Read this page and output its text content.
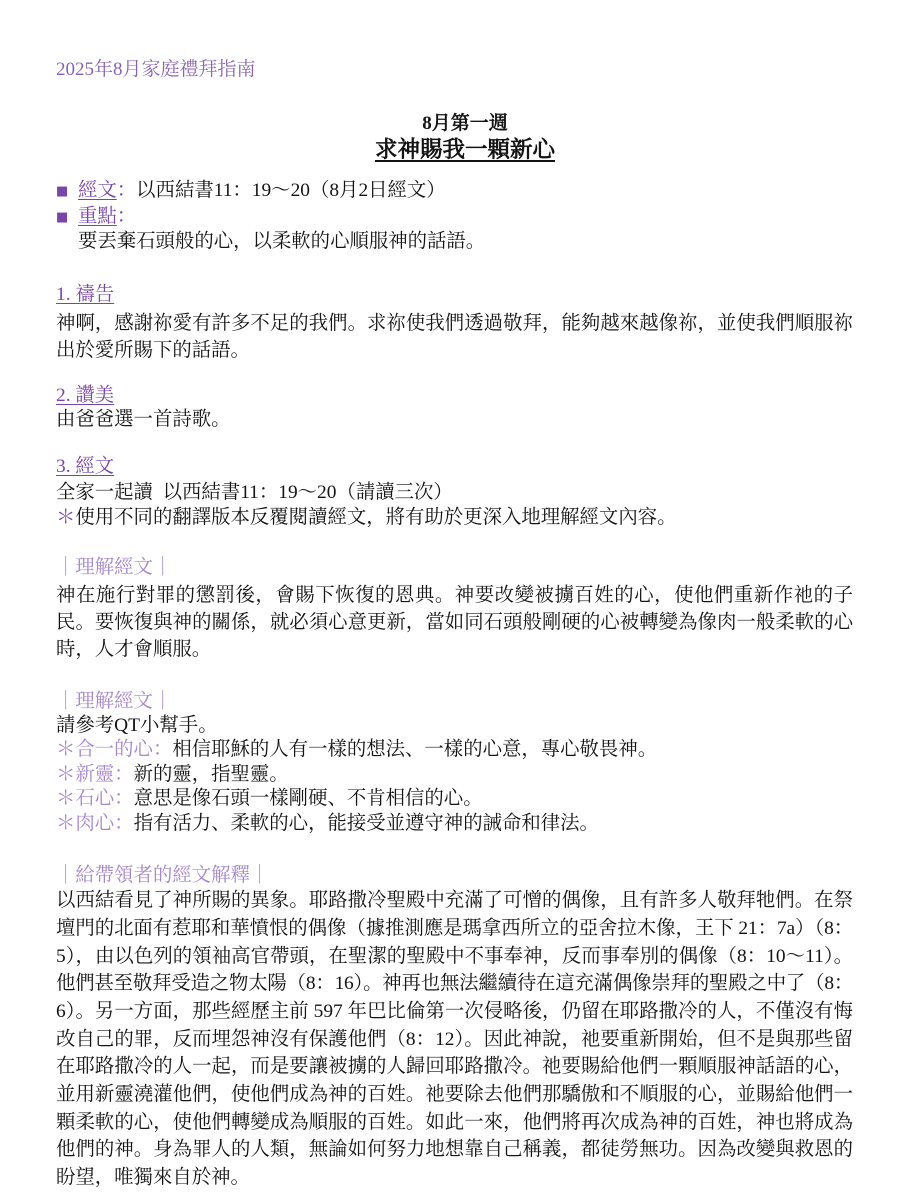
2025年8月家庭禮拜指南
8月第一週
求神賜我一顆新心
■ 經文：以西結書11：19～20（8月2日經文）
■ 重點：
要丟棄石頭般的心，以柔軟的心順服神的話語。
1. 禱告
神啊，感謝祢愛有許多不足的我們。求祢使我們透過敬拜，能夠越來越像祢，並使我們順服祢
出於愛所賜下的話語。
2. 讚美
由爸爸選一首詩歌。
3. 經文
全家一起讀  以西結書11：19～20（請讀三次）
＊使用不同的翻譯版本反覆閱讀經文，將有助於更深入地理解經文內容。
｜理解經文｜
神在施行對罪的懲罰後，會賜下恢復的恩典。神要改變被擄百姓的心，使他們重新作祂的子
民。要恢復與神的關係，就必須心意更新，當如同石頭般剛硬的心被轉變為像肉一般柔軟的心
時，人才會順服。
｜理解經文｜
請參考QT小幫手。
＊合一的心：相信耶穌的人有一樣的想法、一樣的心意，專心敬畏神。
＊新靈：新的靈，指聖靈。
＊石心：意思是像石頭一樣剛硬、不肯相信的心。
＊肉心：指有活力、柔軟的心，能接受並遵守神的誡命和律法。
｜給帶領者的經文解釋｜
以西結看見了神所賜的異象。耶路撒冷聖殿中充滿了可憎的偶像，且有許多人敬拜牠們。在祭
壇門的北面有惹耶和華憤恨的偶像（據推測應是瑪拿西所立的亞舍拉木像，王下 21：7a）（8：
5），由以色列的領袖高官帶頭，在聖潔的聖殿中不事奉神，反而事奉別的偶像（8：10～11）。
他們甚至敬拜受造之物太陽（8：16）。神再也無法繼續待在這充滿偶像崇拜的聖殿之中了（8：
6）。另一方面，那些經歷主前 597 年巴比倫第一次侵略後，仍留在耶路撒冷的人，不僅沒有悔
改自己的罪，反而埋怨神沒有保護他們（8：12）。因此神說，祂要重新開始，但不是與那些留
在耶路撒冷的人一起，而是要讓被擄的人歸回耶路撒冷。祂要賜給他們一顆順服神話語的心，
並用新靈澆灌他們，使他們成為神的百姓。祂要除去他們那驕傲和不順服的心，並賜給他們一
顆柔軟的心，使他們轉變成為順服的百姓。如此一來，他們將再次成為神的百姓，神也將成為
他們的神。身為罪人的人類，無論如何努力地想靠自己稱義，都徒勞無功。因為改變與救恩的
盼望，唯獨來自於神。
